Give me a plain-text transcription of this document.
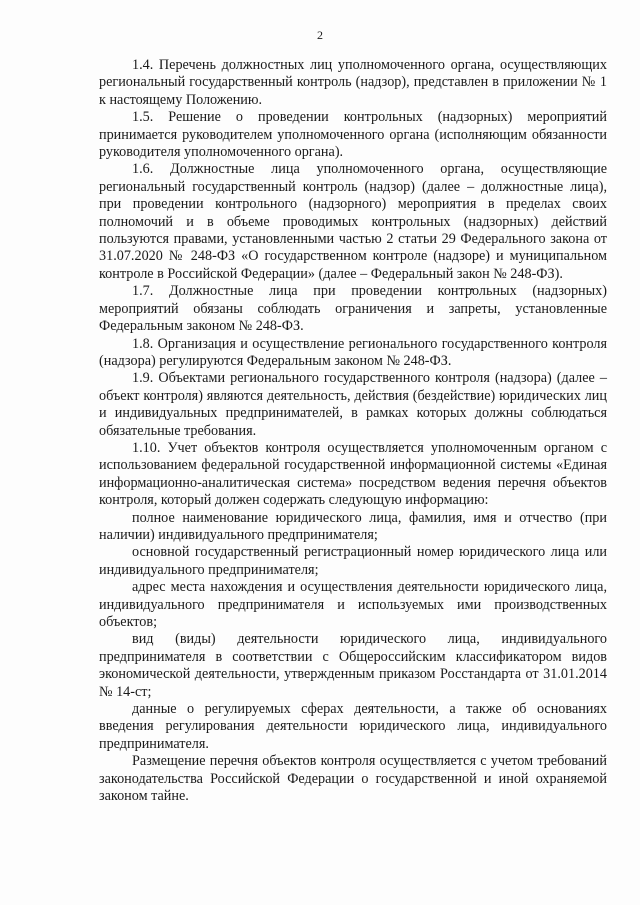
2

1.4. Перечень должностных лиц уполномоченного органа, осуществляющих региональный государственный контроль (надзор), представлен в приложении № 1 к настоящему Положению.

1.5. Решение о проведении контрольных (надзорных) мероприятий принимается руководителем уполномоченного органа (исполняющим обязанности руководителя уполномоченного органа).

1.6. Должностные лица уполномоченного органа, осуществляющие региональный государственный контроль (надзор) (далее – должностные лица), при проведении контрольного (надзорного) мероприятия в пределах своих полномочий и в объеме проводимых контрольных (надзорных) действий пользуются правами, установленными частью 2 статьи 29 Федерального закона от 31.07.2020 № 248-ФЗ «О государственном контроле (надзоре) и муниципальном контроле в Российской Федерации» (далее – Федеральный закон № 248-ФЗ).

1.7. Должностные лица при проведении контрольных (надзорных) мероприятий обязаны соблюдать ограничения и запреты, установленные Федеральным законом № 248-ФЗ.

1.8. Организация и осуществление регионального государственного контроля (надзора) регулируются Федеральным законом № 248-ФЗ.

1.9. Объектами регионального государственного контроля (надзора) (далее – объект контроля) являются деятельность, действия (бездействие) юридических лиц и индивидуальных предпринимателей, в рамках которых должны соблюдаться обязательные требования.

1.10. Учет объектов контроля осуществляется уполномоченным органом с использованием федеральной государственной информационной системы «Единая информационно-аналитическая система» посредством ведения перечня объектов контроля, который должен содержать следующую информацию:

полное наименование юридического лица, фамилия, имя и отчество (при наличии) индивидуального предпринимателя;

основной государственный регистрационный номер юридического лица или индивидуального предпринимателя;

адрес места нахождения и осуществления деятельности юридического лица, индивидуального предпринимателя и используемых ими производственных объектов;

вид (виды) деятельности юридического лица, индивидуального предпринимателя в соответствии с Общероссийским классификатором видов экономической деятельности, утвержденным приказом Росстандарта от 31.01.2014 № 14-ст;

данные о регулируемых сферах деятельности, а также об основаниях введения регулирования деятельности юридического лица, индивидуального предпринимателя.

Размещение перечня объектов контроля осуществляется с учетом требований законодательства Российской Федерации о государственной и иной охраняемой законом тайне.
